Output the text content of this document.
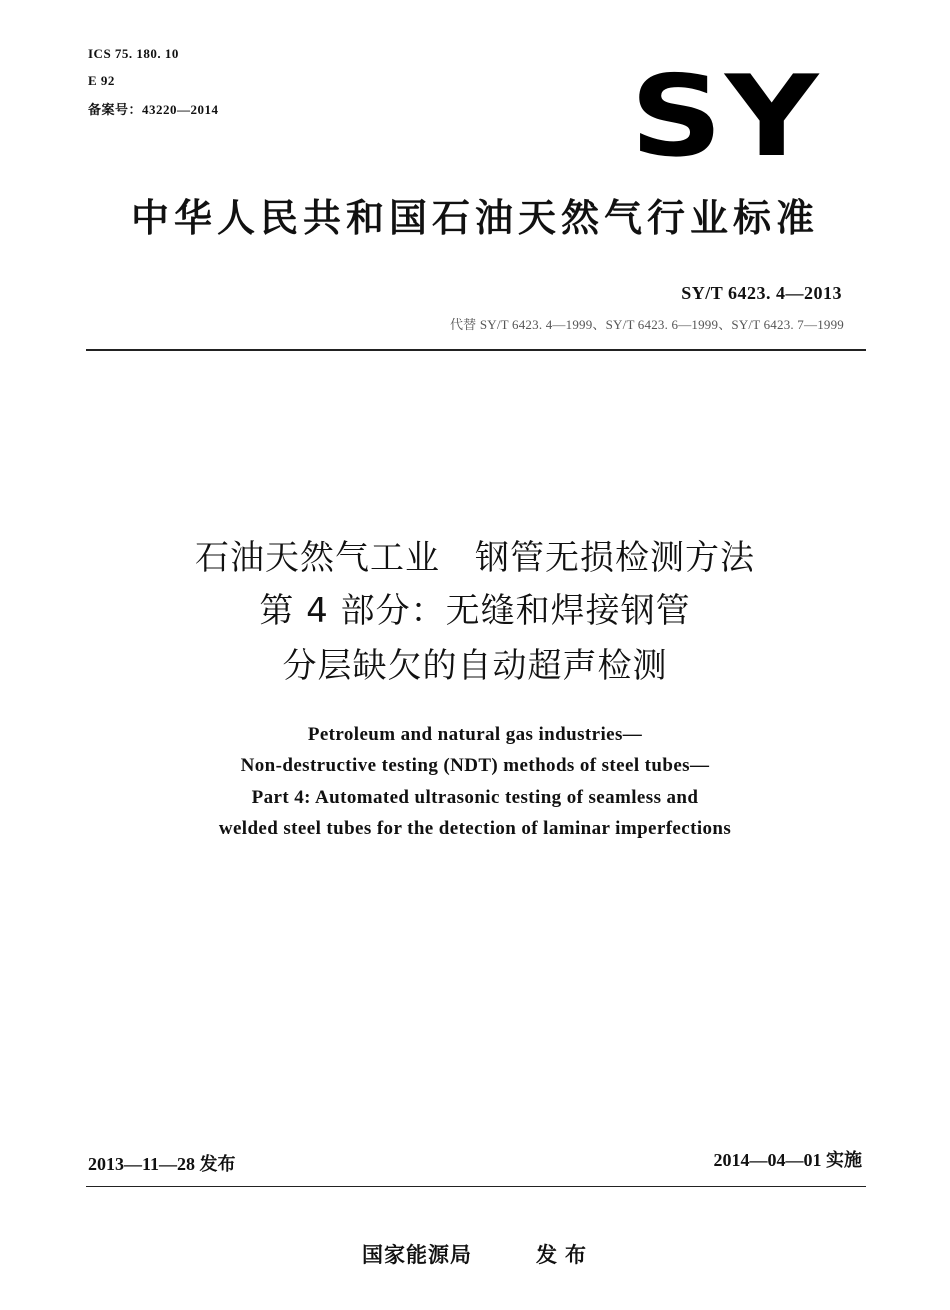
ICS 75. 180. 10
E 92
备案号：43220—2014	SY
中华人民共和国石油天然气行业标准
SY/T 6423. 4—2013
代替 SY/T 6423. 4—1999、SY/T 6423. 6—1999、SY/T 6423. 7—1999
石油天然气工业　钢管无损检测方法
第 4 部分：无缝和焊接钢管
分层缺欠的自动超声检测
Petroleum and natural gas industries—
Non-destructive testing (NDT) methods of steel tubes—
Part 4: Automated ultrasonic testing of seamless and
welded steel tubes for the detection of laminar imperfections
2013—11—28 发布	2014—04—01 实施
国家能源局	发布
